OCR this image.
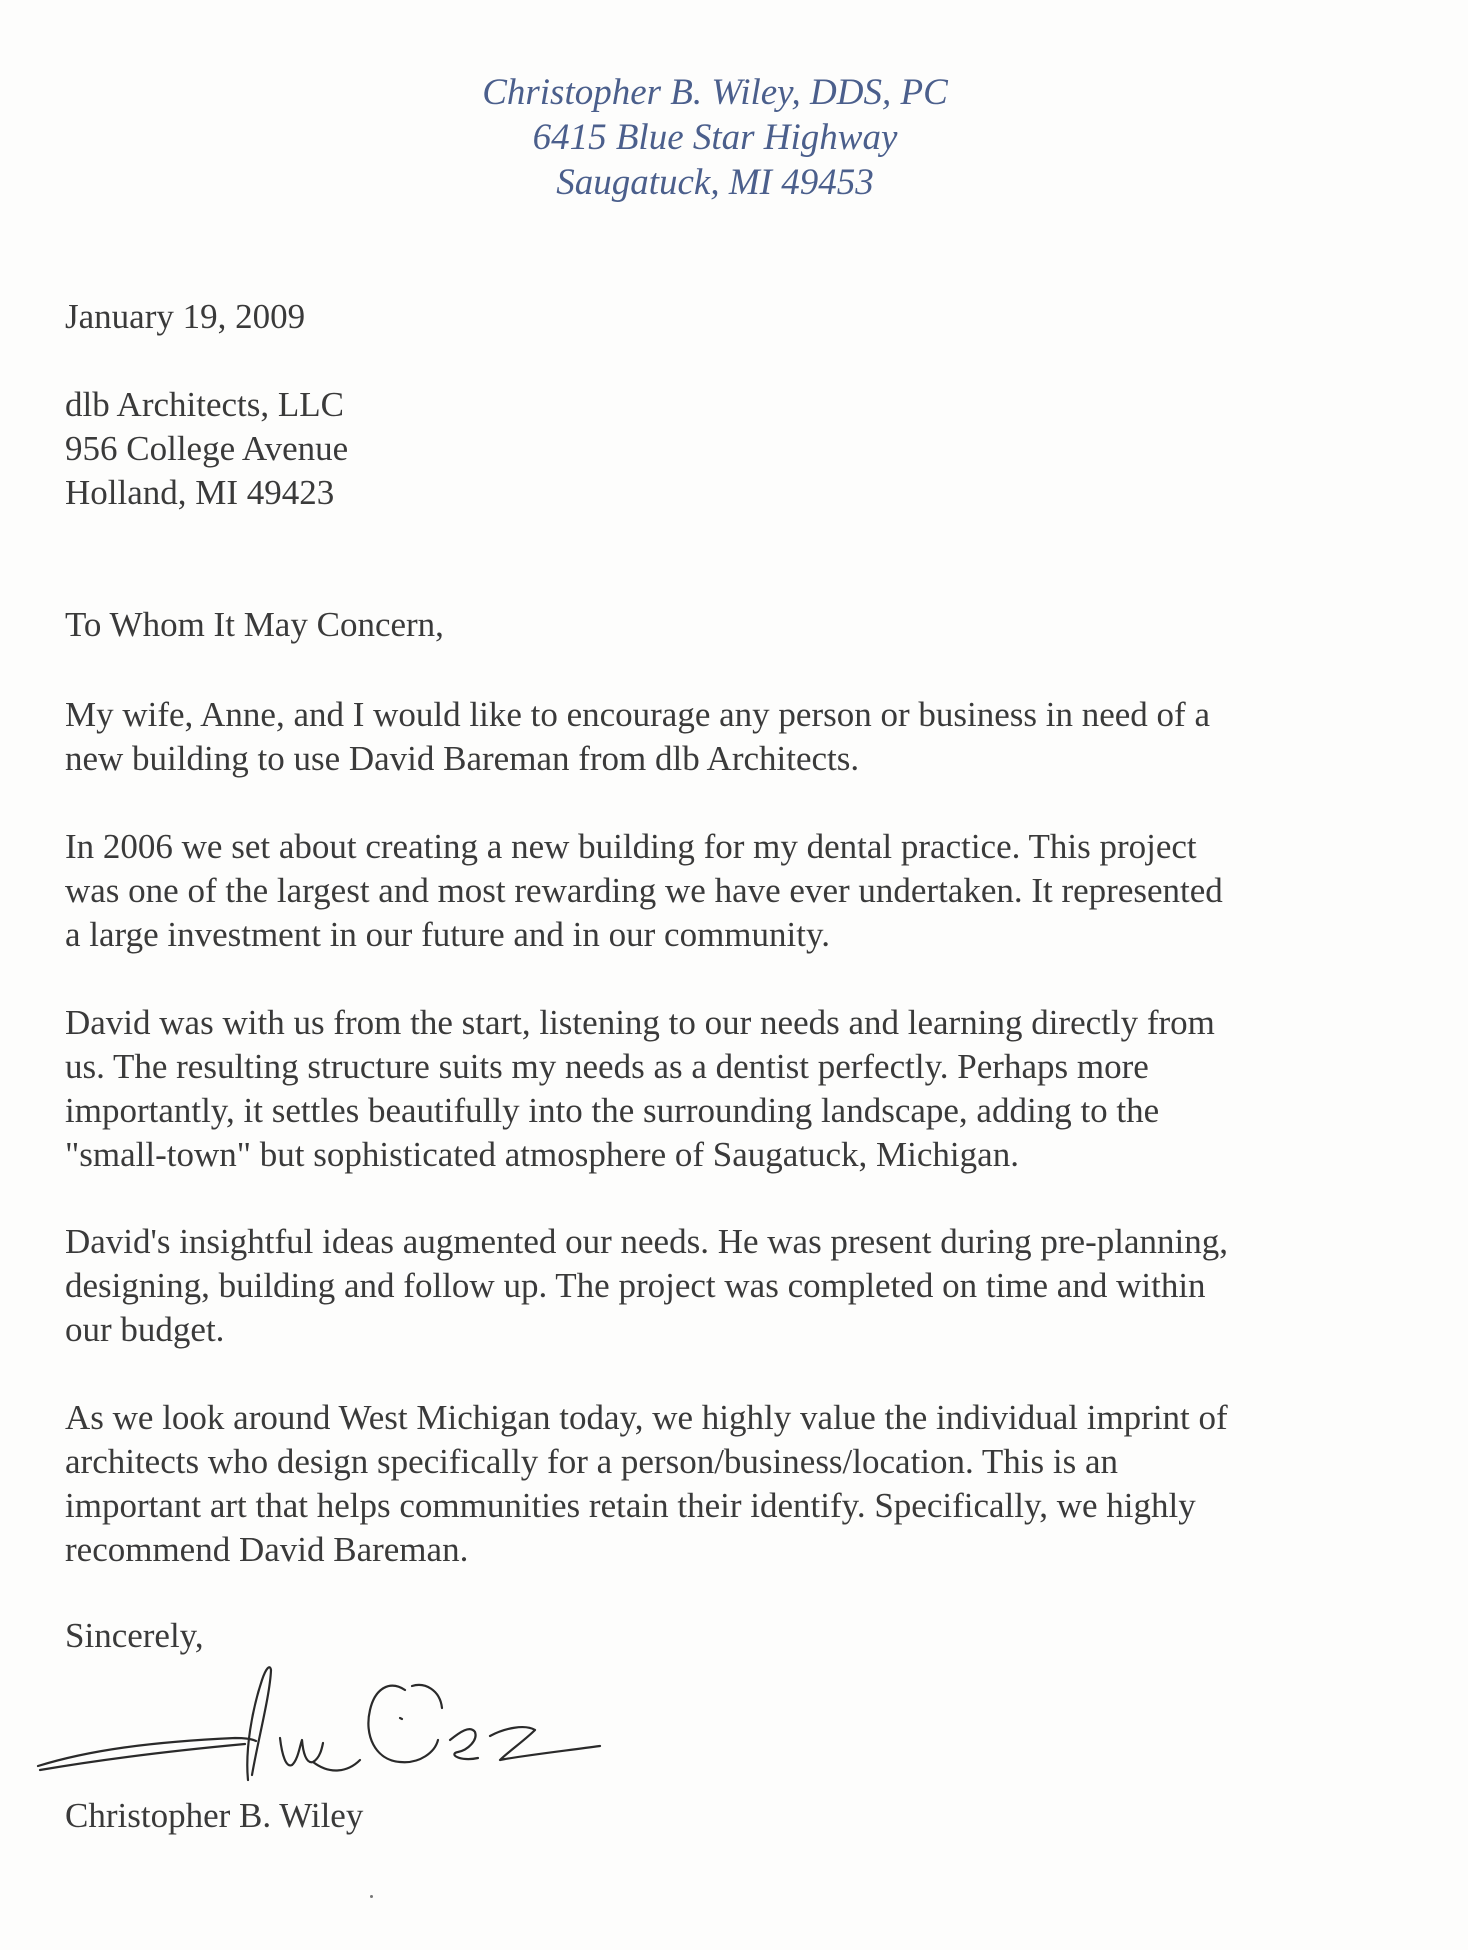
Christopher B. Wiley, DDS, PC
6415 Blue Star Highway
Saugatuck, MI 49453
January 19, 2009
dlb Architects, LLC
956 College Avenue
Holland, MI 49423
To Whom It May Concern,
My wife, Anne, and I would like to encourage any person or business in need of a
new building to use David Bareman from dlb Architects.
In 2006 we set about creating a new building for my dental practice. This project
was one of the largest and most rewarding we have ever undertaken. It represented
a large investment in our future and in our community.
David was with us from the start, listening to our needs and learning directly from
us. The resulting structure suits my needs as a dentist perfectly. Perhaps more
importantly, it settles beautifully into the surrounding landscape, adding to the
"small-town" but sophisticated atmosphere of Saugatuck, Michigan.
David's insightful ideas augmented our needs. He was present during pre-planning,
designing, building and follow up. The project was completed on time and within
our budget.
As we look around West Michigan today, we highly value the individual imprint of
architects who design specifically for a person/business/location. This is an
important art that helps communities retain their identify. Specifically, we highly
recommend David Bareman.
Sincerely,
Christopher B. Wiley
